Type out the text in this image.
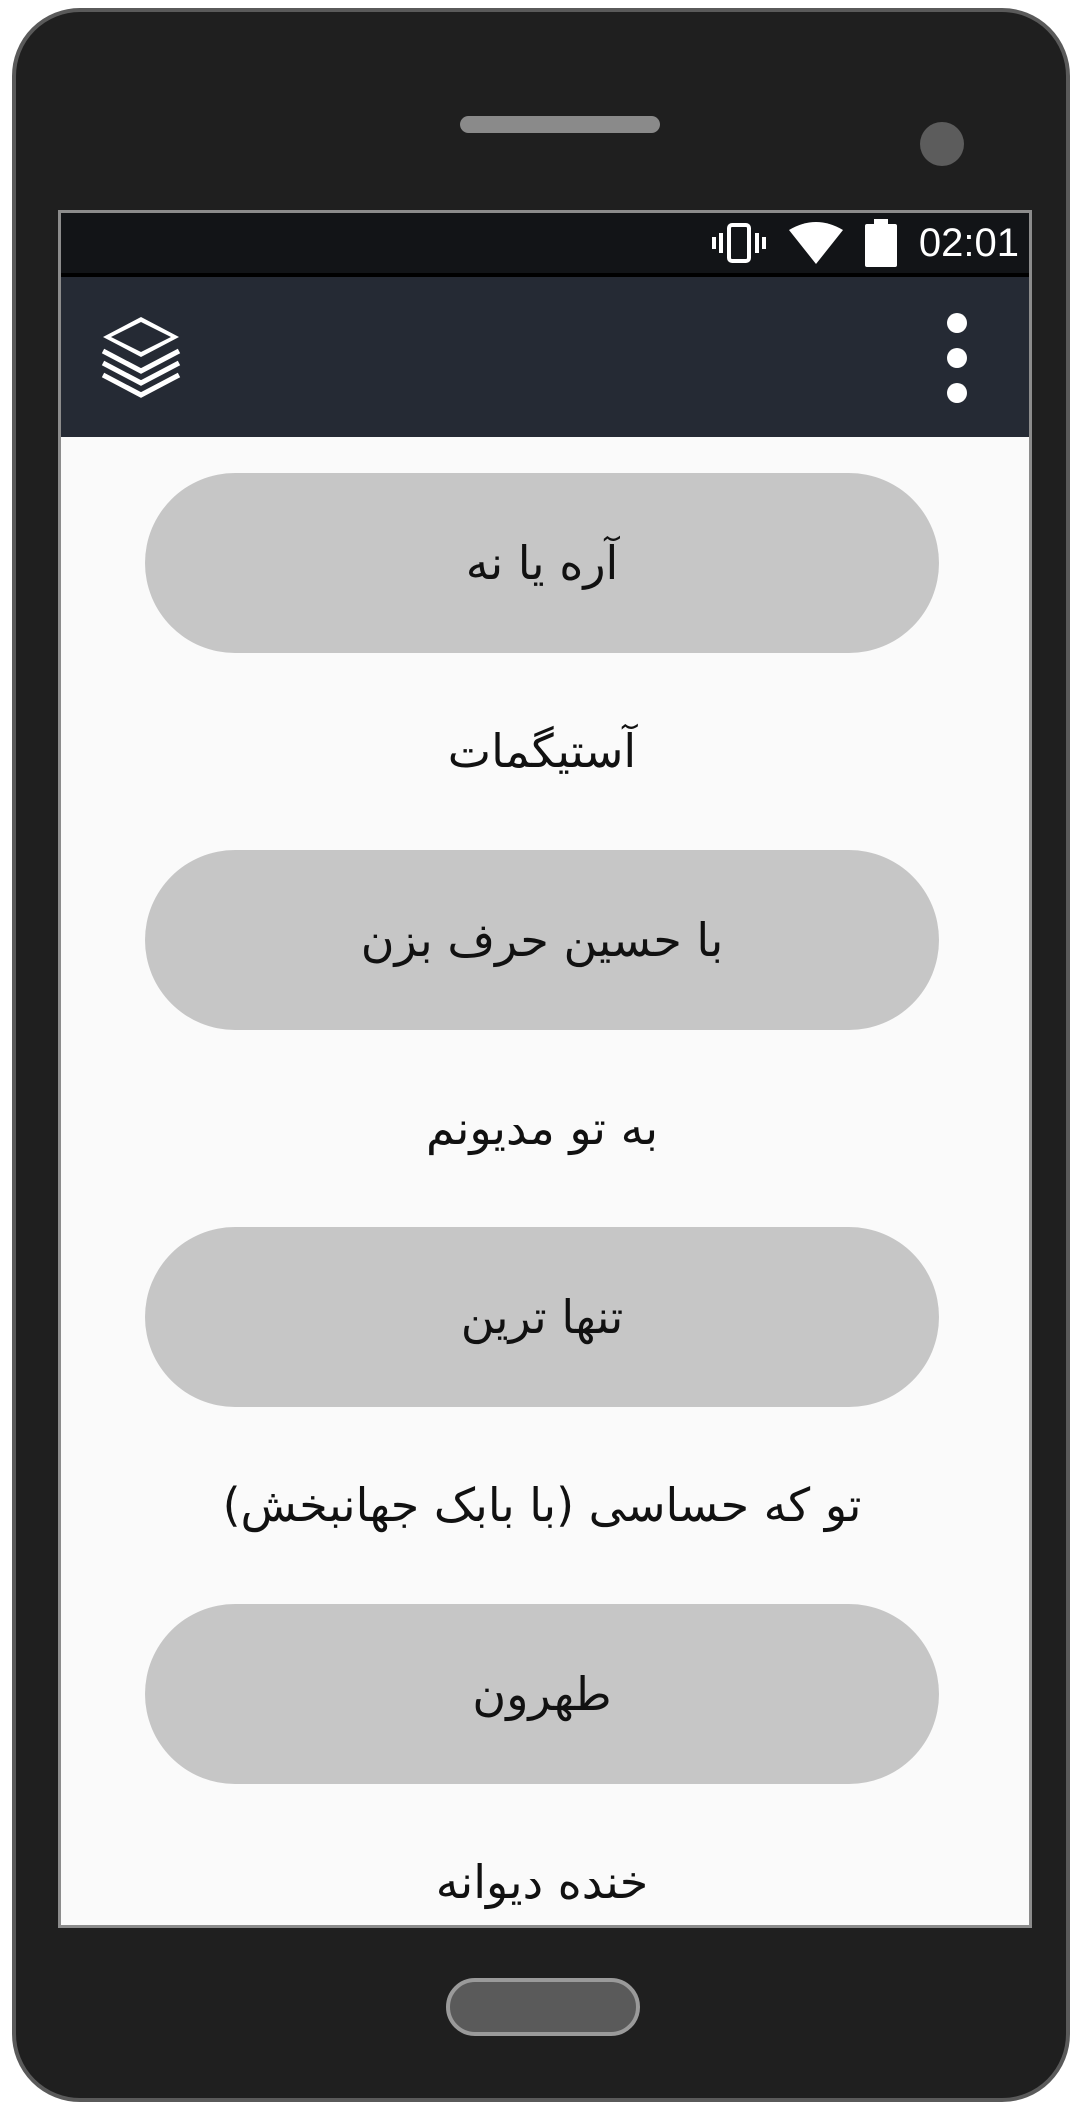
02:01
آره یا نه
آستیگمات
با حسین حرف بزن
به تو مدیونم
تنها ترین
تو که حساسی (با بابک جهانبخش)
طهرون
خنده دیوانه
